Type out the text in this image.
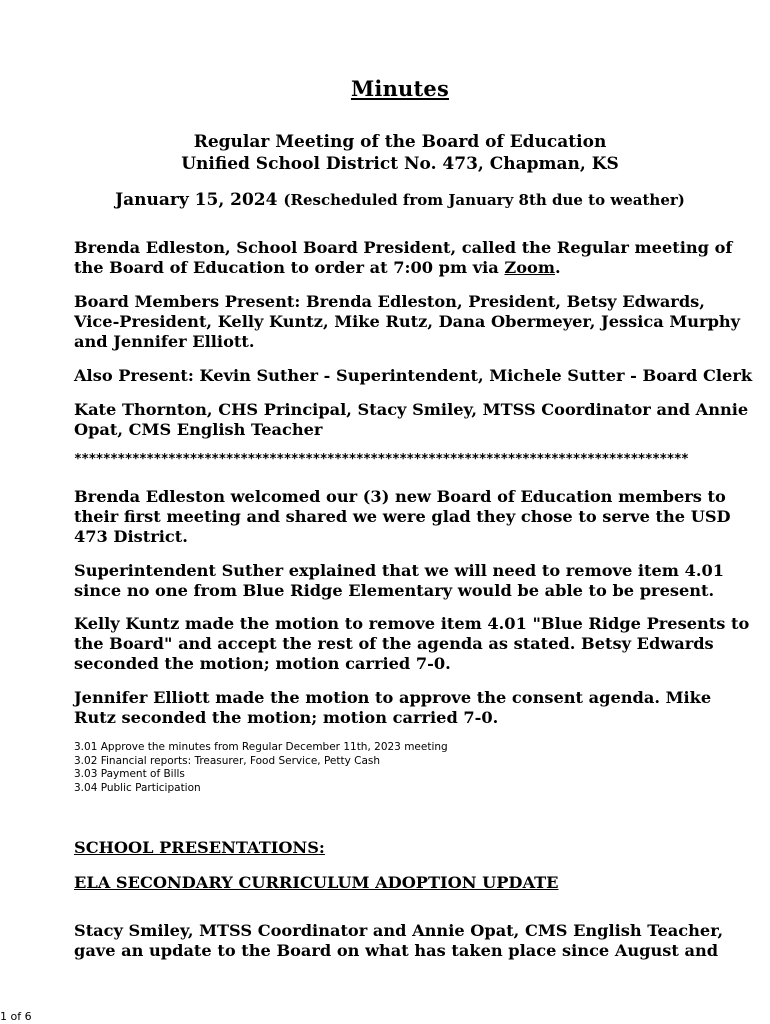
Minutes
Regular Meeting of the Board of Education
Unified School District No. 473, Chapman, KS
January 15, 2024 (Rescheduled from January 8th due to weather)
Brenda Edleston, School Board President, called the Regular meeting of
the Board of Education to order at 7:00 pm via Zoom.
Board Members Present: Brenda Edleston, President, Betsy Edwards,
Vice-President, Kelly Kuntz, Mike Rutz, Dana Obermeyer, Jessica Murphy
and Jennifer Elliott.
Also Present: Kevin Suther - Superintendent, Michele Sutter - Board Clerk
Kate Thornton, CHS Principal, Stacy Smiley, MTSS Coordinator and Annie
Opat, CMS English Teacher
*************************************************************************************
Brenda Edleston welcomed our (3) new Board of Education members to
their first meeting and shared we were glad they chose to serve the USD
473 District.
Superintendent Suther explained that we will need to remove item 4.01
since no one from Blue Ridge Elementary would be able to be present.
Kelly Kuntz made the motion to remove item 4.01 "Blue Ridge Presents to
the Board" and accept the rest of the agenda as stated. Betsy Edwards
seconded the motion; motion carried 7-0.
Jennifer Elliott made the motion to approve the consent agenda. Mike
Rutz seconded the motion; motion carried 7-0.
3.01 Approve the minutes from Regular December 11th, 2023 meeting
3.02 Financial reports: Treasurer, Food Service, Petty Cash
3.03 Payment of Bills
3.04 Public Participation
SCHOOL PRESENTATIONS:
ELA SECONDARY CURRICULUM ADOPTION UPDATE
Stacy Smiley, MTSS Coordinator and Annie Opat, CMS English Teacher,
gave an update to the Board on what has taken place since August and
1 of 6
